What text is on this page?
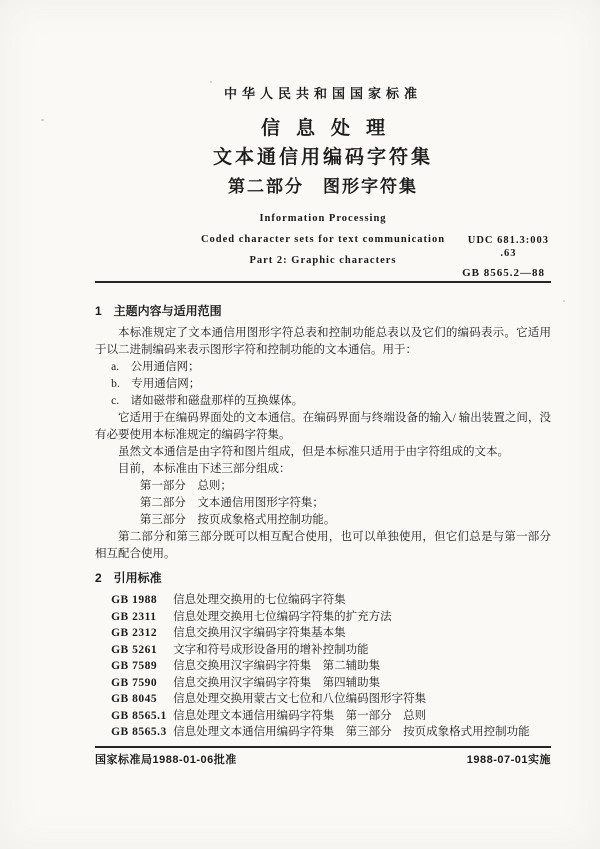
中华人民共和国国家标准
信息处理
文本通信用编码字符集
第二部分　图形字符集
UDC 681.3:003
.63
GB 8565.2—88
Information Processing
Coded character sets for text communication
Part 2: Graphic characters
1　主题内容与适用范围
本标准规定了文本通信用图形字符总表和控制功能总表以及它们的编码表示。它适用于以二进制编码来表示图形字符和控制功能的文本通信。用于：
a.　公用通信网；
b.　专用通信网；
c.　诸如磁带和磁盘那样的互换媒体。
它适用于在编码界面处的文本通信。在编码界面与终端设备的输入/ 输出装置之间，没有必要使用本标准规定的编码字符集。
虽然文本通信是由字符和图片组成，但是本标准只适用于由字符组成的文本。
目前，本标准由下述三部分组成：
第一部分　总则；
第二部分　文本通信用图形字符集；
第三部分　按页成象格式用控制功能。
第二部分和第三部分既可以相互配合使用，也可以单独使用，但它们总是与第一部分相互配合使用。
2　引用标准
GB 1988	信息处理交换用的七位编码字符集
GB 2311	信息处理交换用七位编码字符集的扩充方法
GB 2312	信息交换用汉字编码字符集基本集
GB 5261	文字和符号成形设备用的增补控制功能
GB 7589	信息交换用汉字编码字符集　第二辅助集
GB 7590	信息交换用汉字编码字符集　第四辅助集
GB 8045	信息处理交换用蒙古文七位和八位编码图形字符集
GB 8565.1 信息处理文本通信用编码字符集　第一部分　总则
GB 8565.3 信息处理文本通信用编码字符集　第三部分　按页成象格式用控制功能
国家标准局1988-01-06批准	1988-07-01实施
